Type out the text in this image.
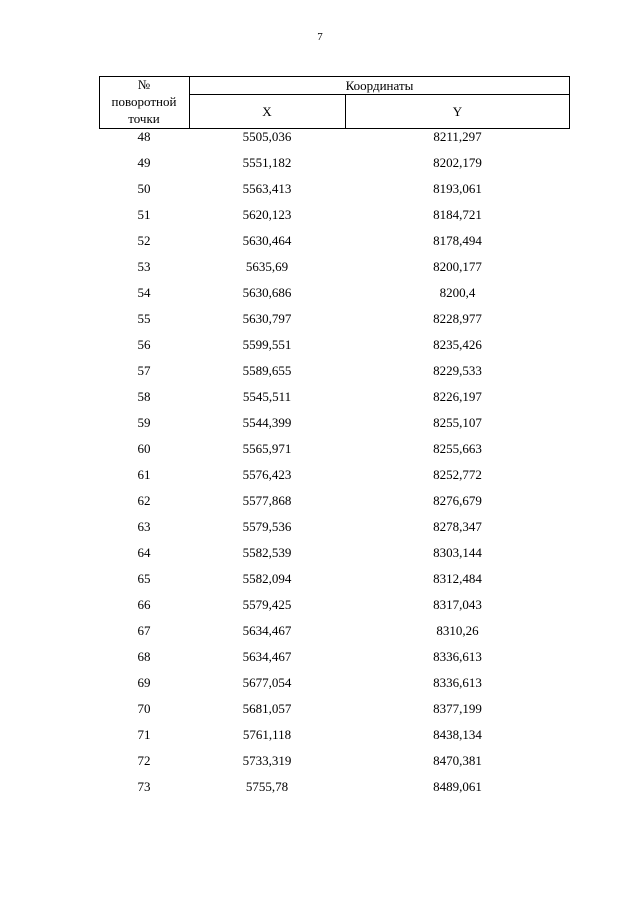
7
№
поворотной
точки
Координаты
X	Y
48	5505,036	8211,297
49	5551,182	8202,179
50	5563,413	8193,061
51	5620,123	8184,721
52	5630,464	8178,494
53	5635,69	8200,177
54	5630,686	8200,4
55	5630,797	8228,977
56	5599,551	8235,426
57	5589,655	8229,533
58	5545,511	8226,197
59	5544,399	8255,107
60	5565,971	8255,663
61	5576,423	8252,772
62	5577,868	8276,679
63	5579,536	8278,347
64	5582,539	8303,144
65	5582,094	8312,484
66	5579,425	8317,043
67	5634,467	8310,26
68	5634,467	8336,613
69	5677,054	8336,613
70	5681,057	8377,199
71	5761,118	8438,134
72	5733,319	8470,381
73	5755,78	8489,061
